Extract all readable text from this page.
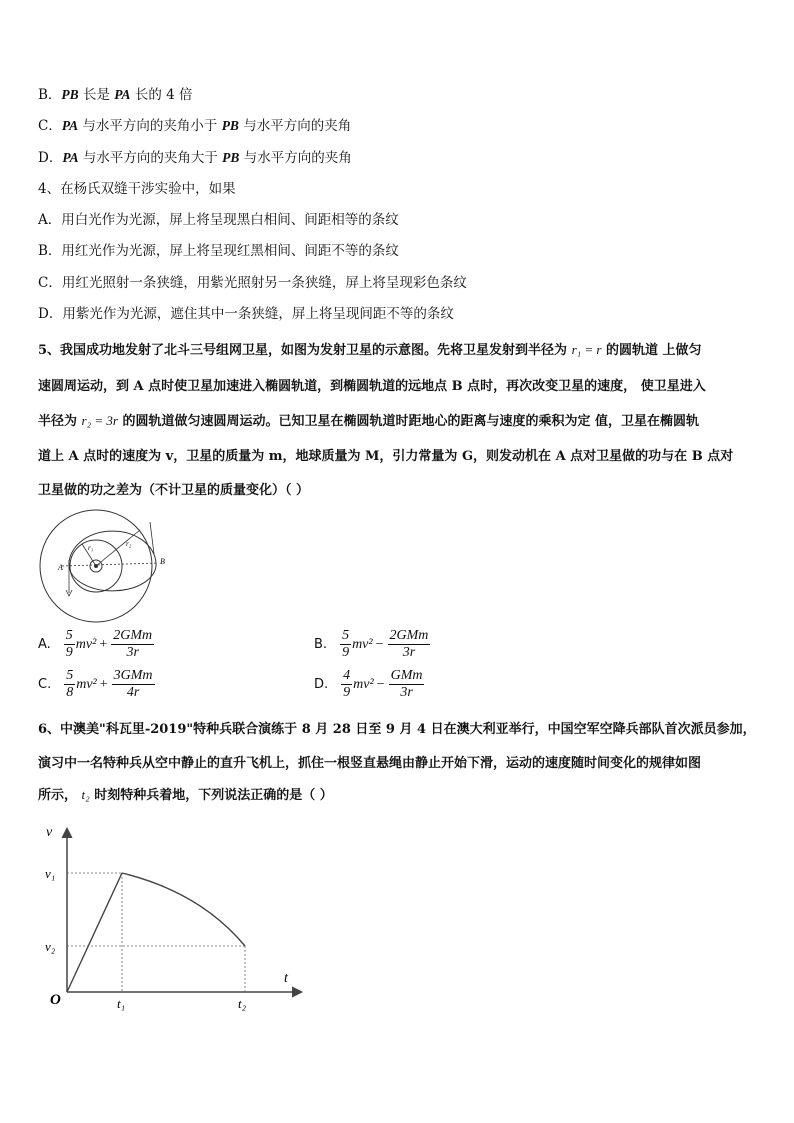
B．PB 长是 PA 长的 4 倍
C．PA 与水平方向的夹角小于 PB 与水平方向的夹角
D．PA 与水平方向的夹角大于 PB 与水平方向的夹角
4、在杨氏双缝干涉实验中，如果
A．用白光作为光源，屏上将呈现黑白相间、间距相等的条纹
B．用红光作为光源，屏上将呈现红黑相间、间距不等的条纹
C．用红光照射一条狭缝，用紫光照射另一条狭缝，屏上将呈现彩色条纹
D．用紫光作为光源，遮住其中一条狭缝，屏上将呈现间距不等的条纹
5、我国成功地发射了北斗三号组网卫星，如图为发射卫星的示意图。先将卫星发射到半径为 r₁ = r 的圆轨道 上做匀
速圆周运动，到 A 点时使卫星加速进入椭圆轨道，到椭圆轨道的远地点 B 点时，再次改变卫星的速度， 使卫星进入
半径为 r₂ = 3r 的圆轨道做匀速圆周运动。已知卫星在椭圆轨道时距地心的距离与速度的乘积为定 值，卫星在椭圆轨
道上 A 点时的速度为 v，卫星的质量为 m，地球质量为 M，引力常量为 G，则发动机在 A 点对卫星做的功与在 B 点对
卫星做的功之差为（不计卫星的质量变化）（ ）
A
B
r₁	r₂
A. $\frac{5}{9} mv^2 + \frac{\text{2GMm}}{3r}$	B. $\frac{5}{9} mv^2 - \frac{\text{2GMm}}{3r}$
C. $\frac{5}{8} mv^2 + \frac{\text{3GMm}}{4r}$	D. $\frac{4}{9} mv^2 - \frac{\text{GMm}}{3r}$
6、中澳美"科瓦里-2019"特种兵联合演练于 8 月 28 日至 9 月 4 日在澳大利亚举行，中国空军空降兵部队首次派员参加，
演习中一名特种兵从空中静止的直升飞机上，抓住一根竖直悬绳由静止开始下滑，运动的速度随时间变化的规律如图
所示， t₂ 时刻特种兵着地，下列说法正确的是（ ）
v
t
v₁
v₂
t₁	t₂
O
